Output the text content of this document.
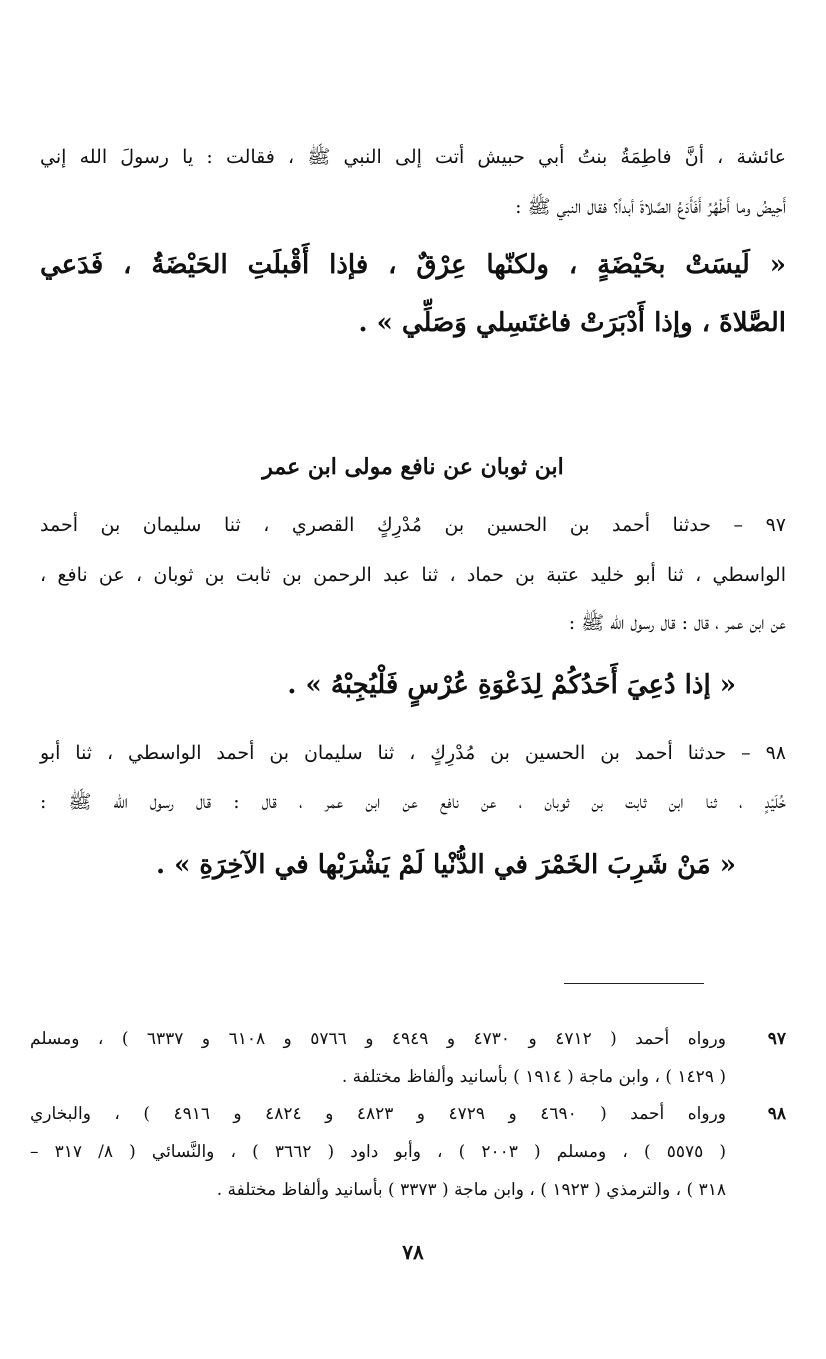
عائشة ، أنَّ فاطِمَةُ بنتُ أبي حبيش أتت إلى النبي ﷺ ، فقالت : يا رسولَ الله إني
أَحِيضُ وما أَطْهُرُ أَفَأَدَعُ الصَّلاةَ أبداً؟ فقال النبي ﷺ :
« لَيسَتْ بحَيْضَةٍ ، ولكنّها عِرْقٌ ، فإذا أَقْبلَتِ الحَيْضَةُ ، فَدَعي
الصَّلاةَ ، وإذا أَدْبَرَتْ فاغتَسِلي وَصَلِّي » .
ابن ثوبان عن نافع مولى ابن عمر
٩٧ – حدثنا أحمد بن الحسين بن مُدْرِكٍ القصري ، ثنا سليمان بن أحمد
الواسطي ، ثنا أبو خليد عتبة بن حماد ، ثنا عبد الرحمن بن ثابت بن ثوبان ، عن نافع ،
عن ابن عمر ، قال : قال رسول الله ﷺ :
« إذا دُعِيَ أَحَدُكُمْ لِدَعْوَةِ عُرْسٍ فَلْيُجِبْهُ » .
٩٨ – حدثنا أحمد بن الحسين بن مُدْرِكٍ ، ثنا سليمان بن أحمد الواسطي ، ثنا أبو
خُلَيْدٍ ، ثنا ابن ثابت بن ثوبان ، عن نافع عن ابن عمر ، قال : قال رسول الله ﷺ :
« مَنْ شَرِبَ الخَمْرَ في الدُّنْيا لَمْ يَشْرَبْها في الآخِرَةِ » .
٩٧
ورواه أحمد ( ٤٧١٢ و ٤٧٣٠ و ٤٩٤٩ و ٥٧٦٦ و ٦١٠٨ و ٦٣٣٧ ) ، ومسلم
( ١٤٢٩ ) ، وابن ماجة ( ١٩١٤ ) بأسانيد وألفاظ مختلفة .
٩٨
ورواه أحمد ( ٤٦٩٠ و ٤٧٢٩ و ٤٨٢٣ و ٤٨٢٤ و ٤٩١٦ ) ، والبخاري
( ٥٥٧٥ ) ، ومسلم ( ٢٠٠٣ ) ، وأبو داود ( ٣٦٦٢ ) ، والنَّسائي ( ٨/ ٣١٧ –
٣١٨ ) ، والترمذي ( ١٩٢٣ ) ، وابن ماجة ( ٣٣٧٣ ) بأسانيد وألفاظ مختلفة .
٧٨
